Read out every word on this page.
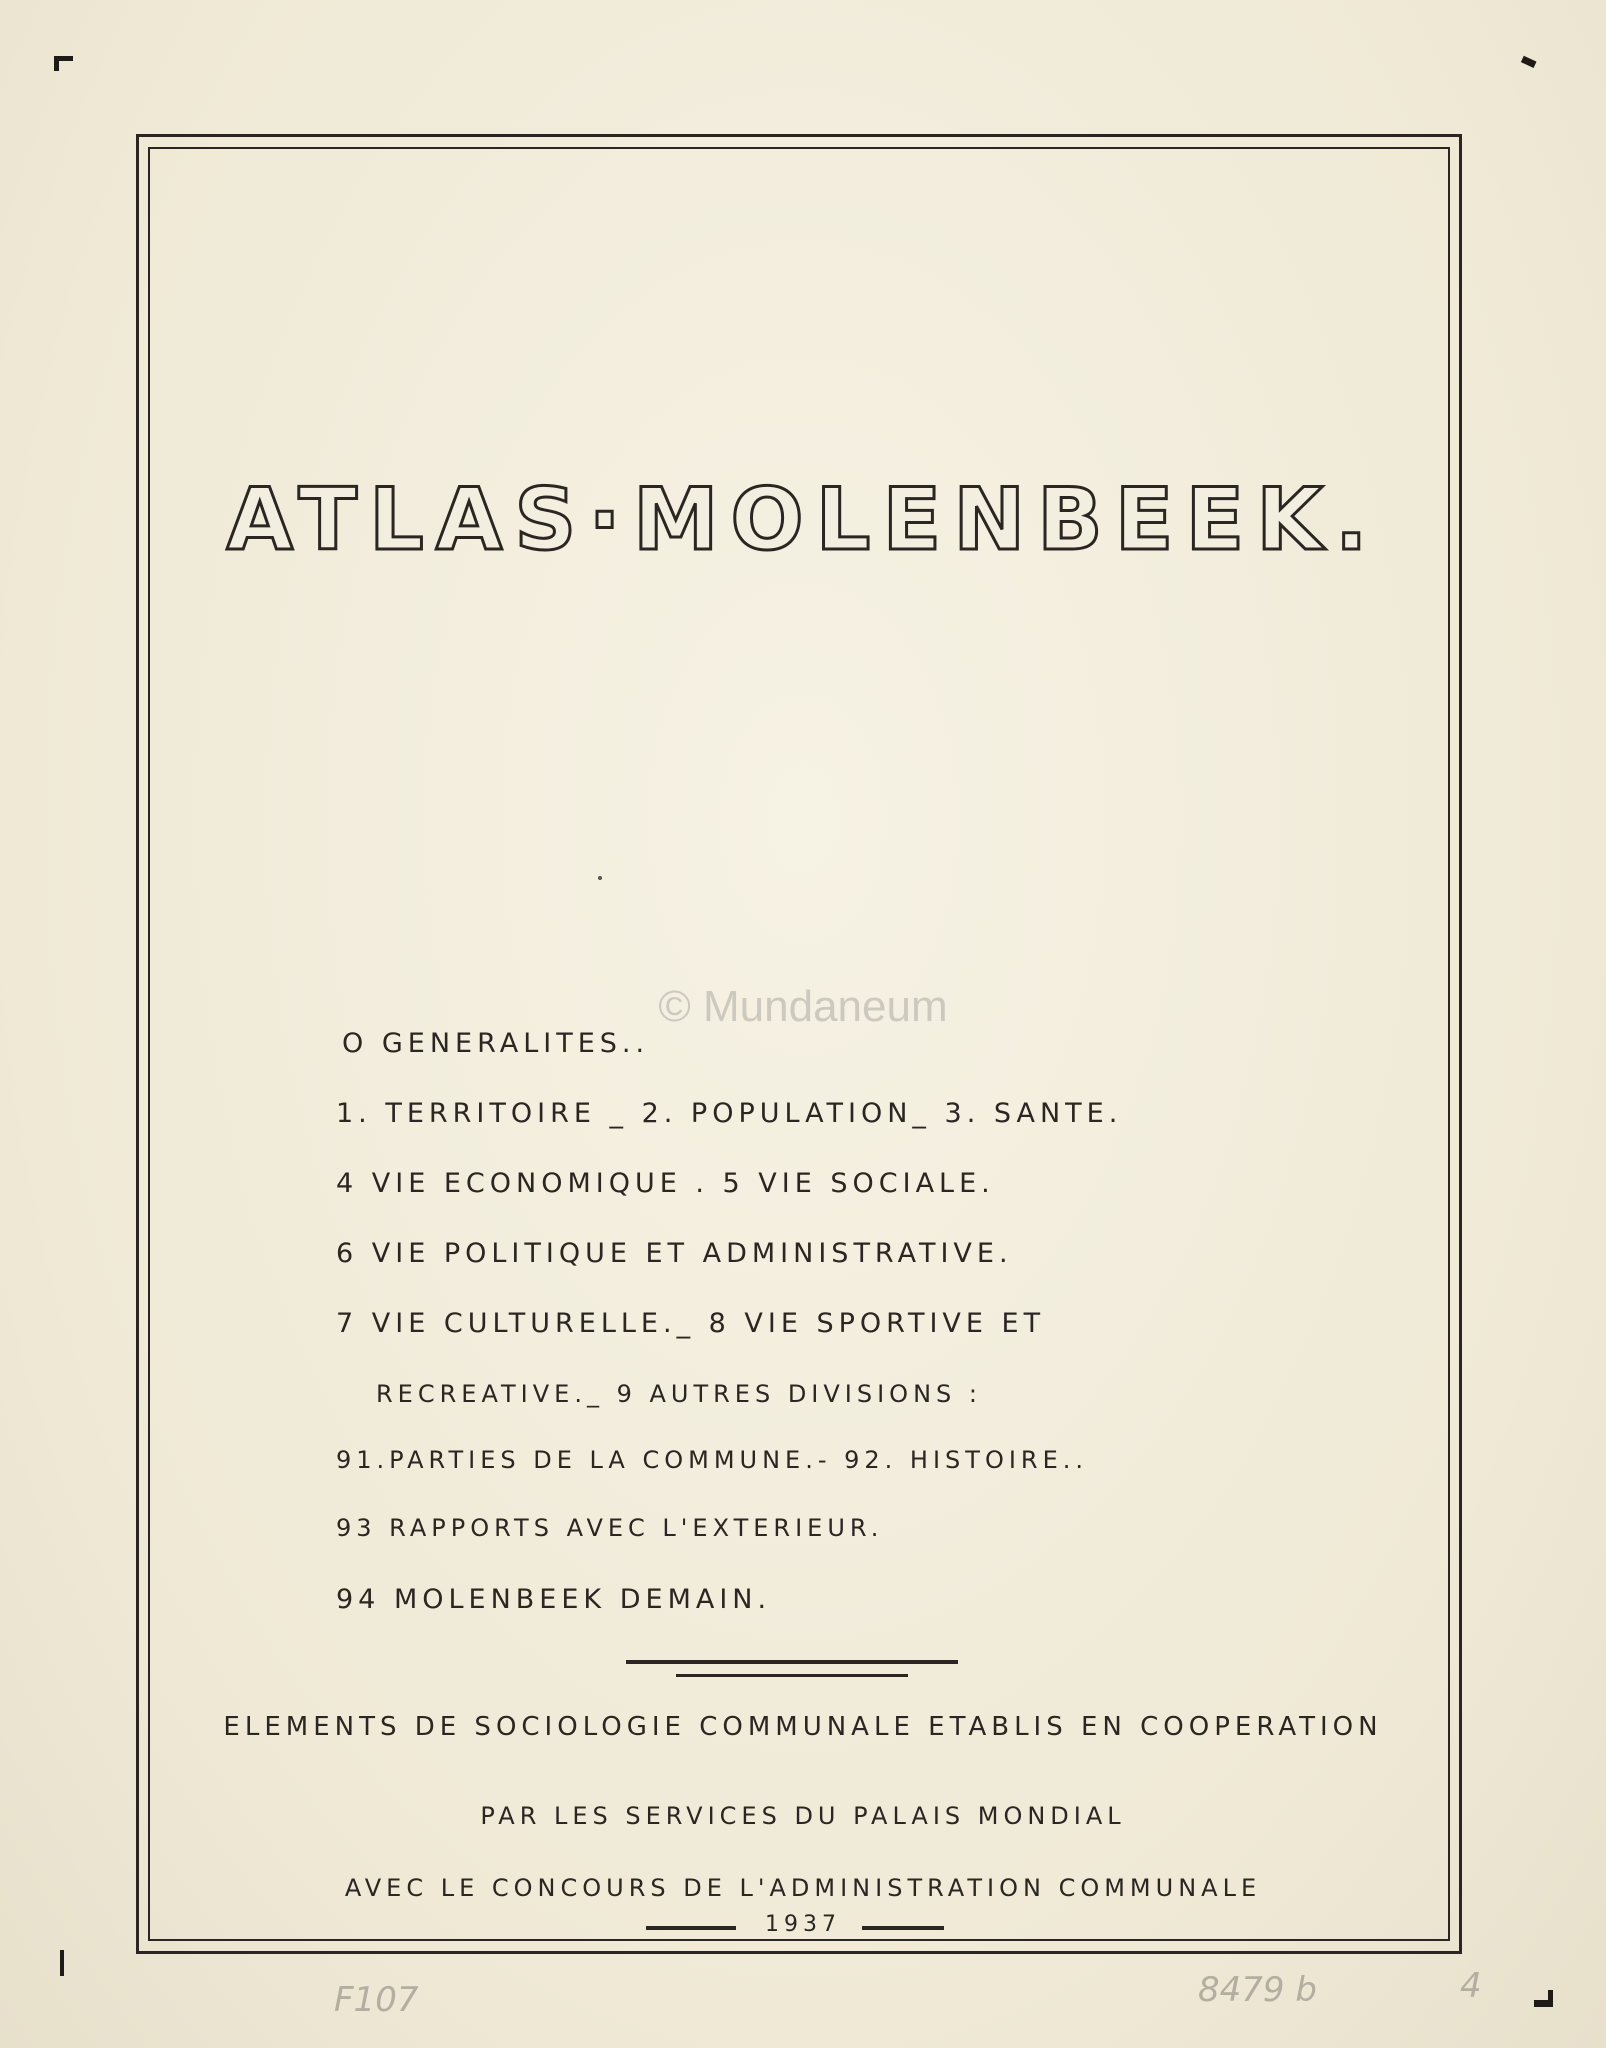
ATLAS·MOLENBEEK.
© Mundaneum
O GENERALITES..
1. TERRITOIRE _ 2. POPULATION_ 3. SANTE.
4 VIE ECONOMIQUE . 5 VIE SOCIALE.
6 VIE POLITIQUE ET ADMINISTRATIVE.
7 VIE CULTURELLE._ 8 VIE SPORTIVE ET
RECREATIVE._ 9 AUTRES DIVISIONS :
91.PARTIES DE LA COMMUNE.- 92. HISTOIRE..
93 RAPPORTS AVEC L'EXTERIEUR.
94 MOLENBEEK DEMAIN.
ELEMENTS DE SOCIOLOGIE COMMUNALE ETABLIS EN COOPERATION
PAR LES SERVICES DU PALAIS MONDIAL
AVEC LE CONCOURS DE L'ADMINISTRATION COMMUNALE
1937
F107	8479 b	4
